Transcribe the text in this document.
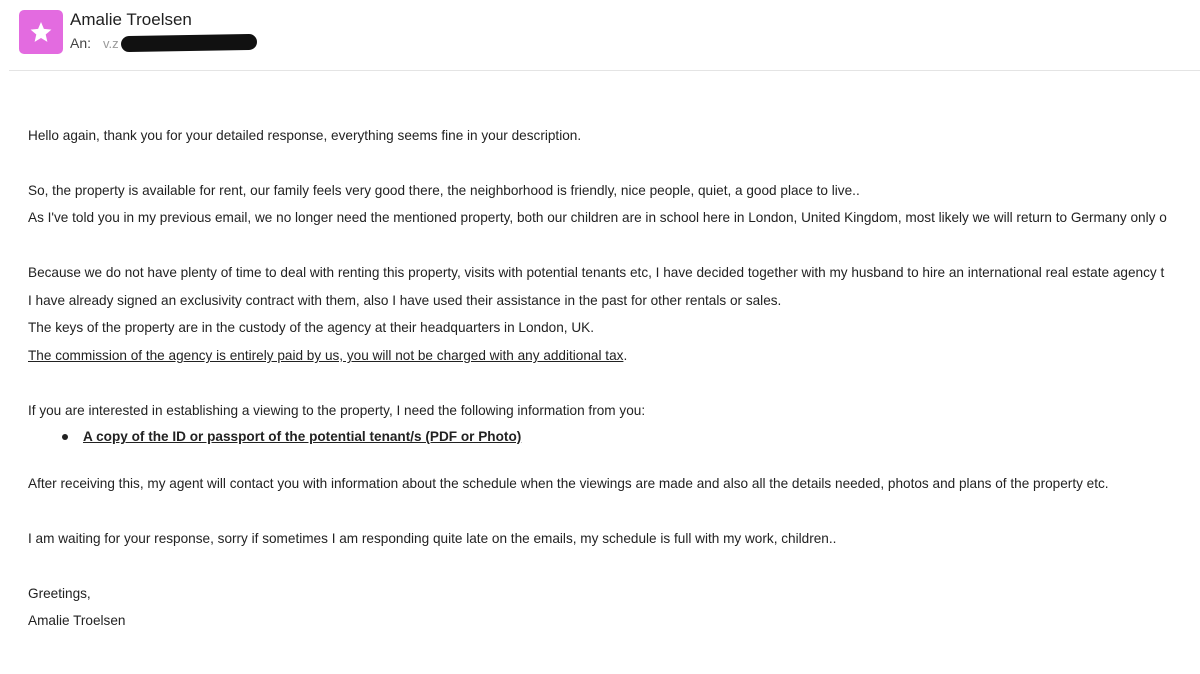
Amalie Troelsen
An: v.z
Hello again, thank you for your detailed response, everything seems fine in your description.
So, the property is available for rent, our family feels very good there, the neighborhood is friendly, nice people, quiet, a good place to live..
As I've told you in my previous email, we no longer need the mentioned property, both our children are in school here in London, United Kingdom, most likely we will return to Germany only o
Because we do not have plenty of time to deal with renting this property, visits with potential tenants etc, I have decided together with my husband to hire an international real estate agency t
I have already signed an exclusivity contract with them, also I have used their assistance in the past for other rentals or sales.
The keys of the property are in the custody of the agency at their headquarters in London, UK.
The commission of the agency is entirely paid by us, you will not be charged with any additional tax.
If you are interested in establishing a viewing to the property, I need the following information from you:
A copy of the ID or passport of the potential tenant/s (PDF or Photo)
After receiving this, my agent will contact you with information about the schedule when the viewings are made and also all the details needed, photos and plans of the property etc.
I am waiting for your response, sorry if sometimes I am responding quite late on the emails, my schedule is full with my work, children..
Greetings,
Amalie Troelsen
